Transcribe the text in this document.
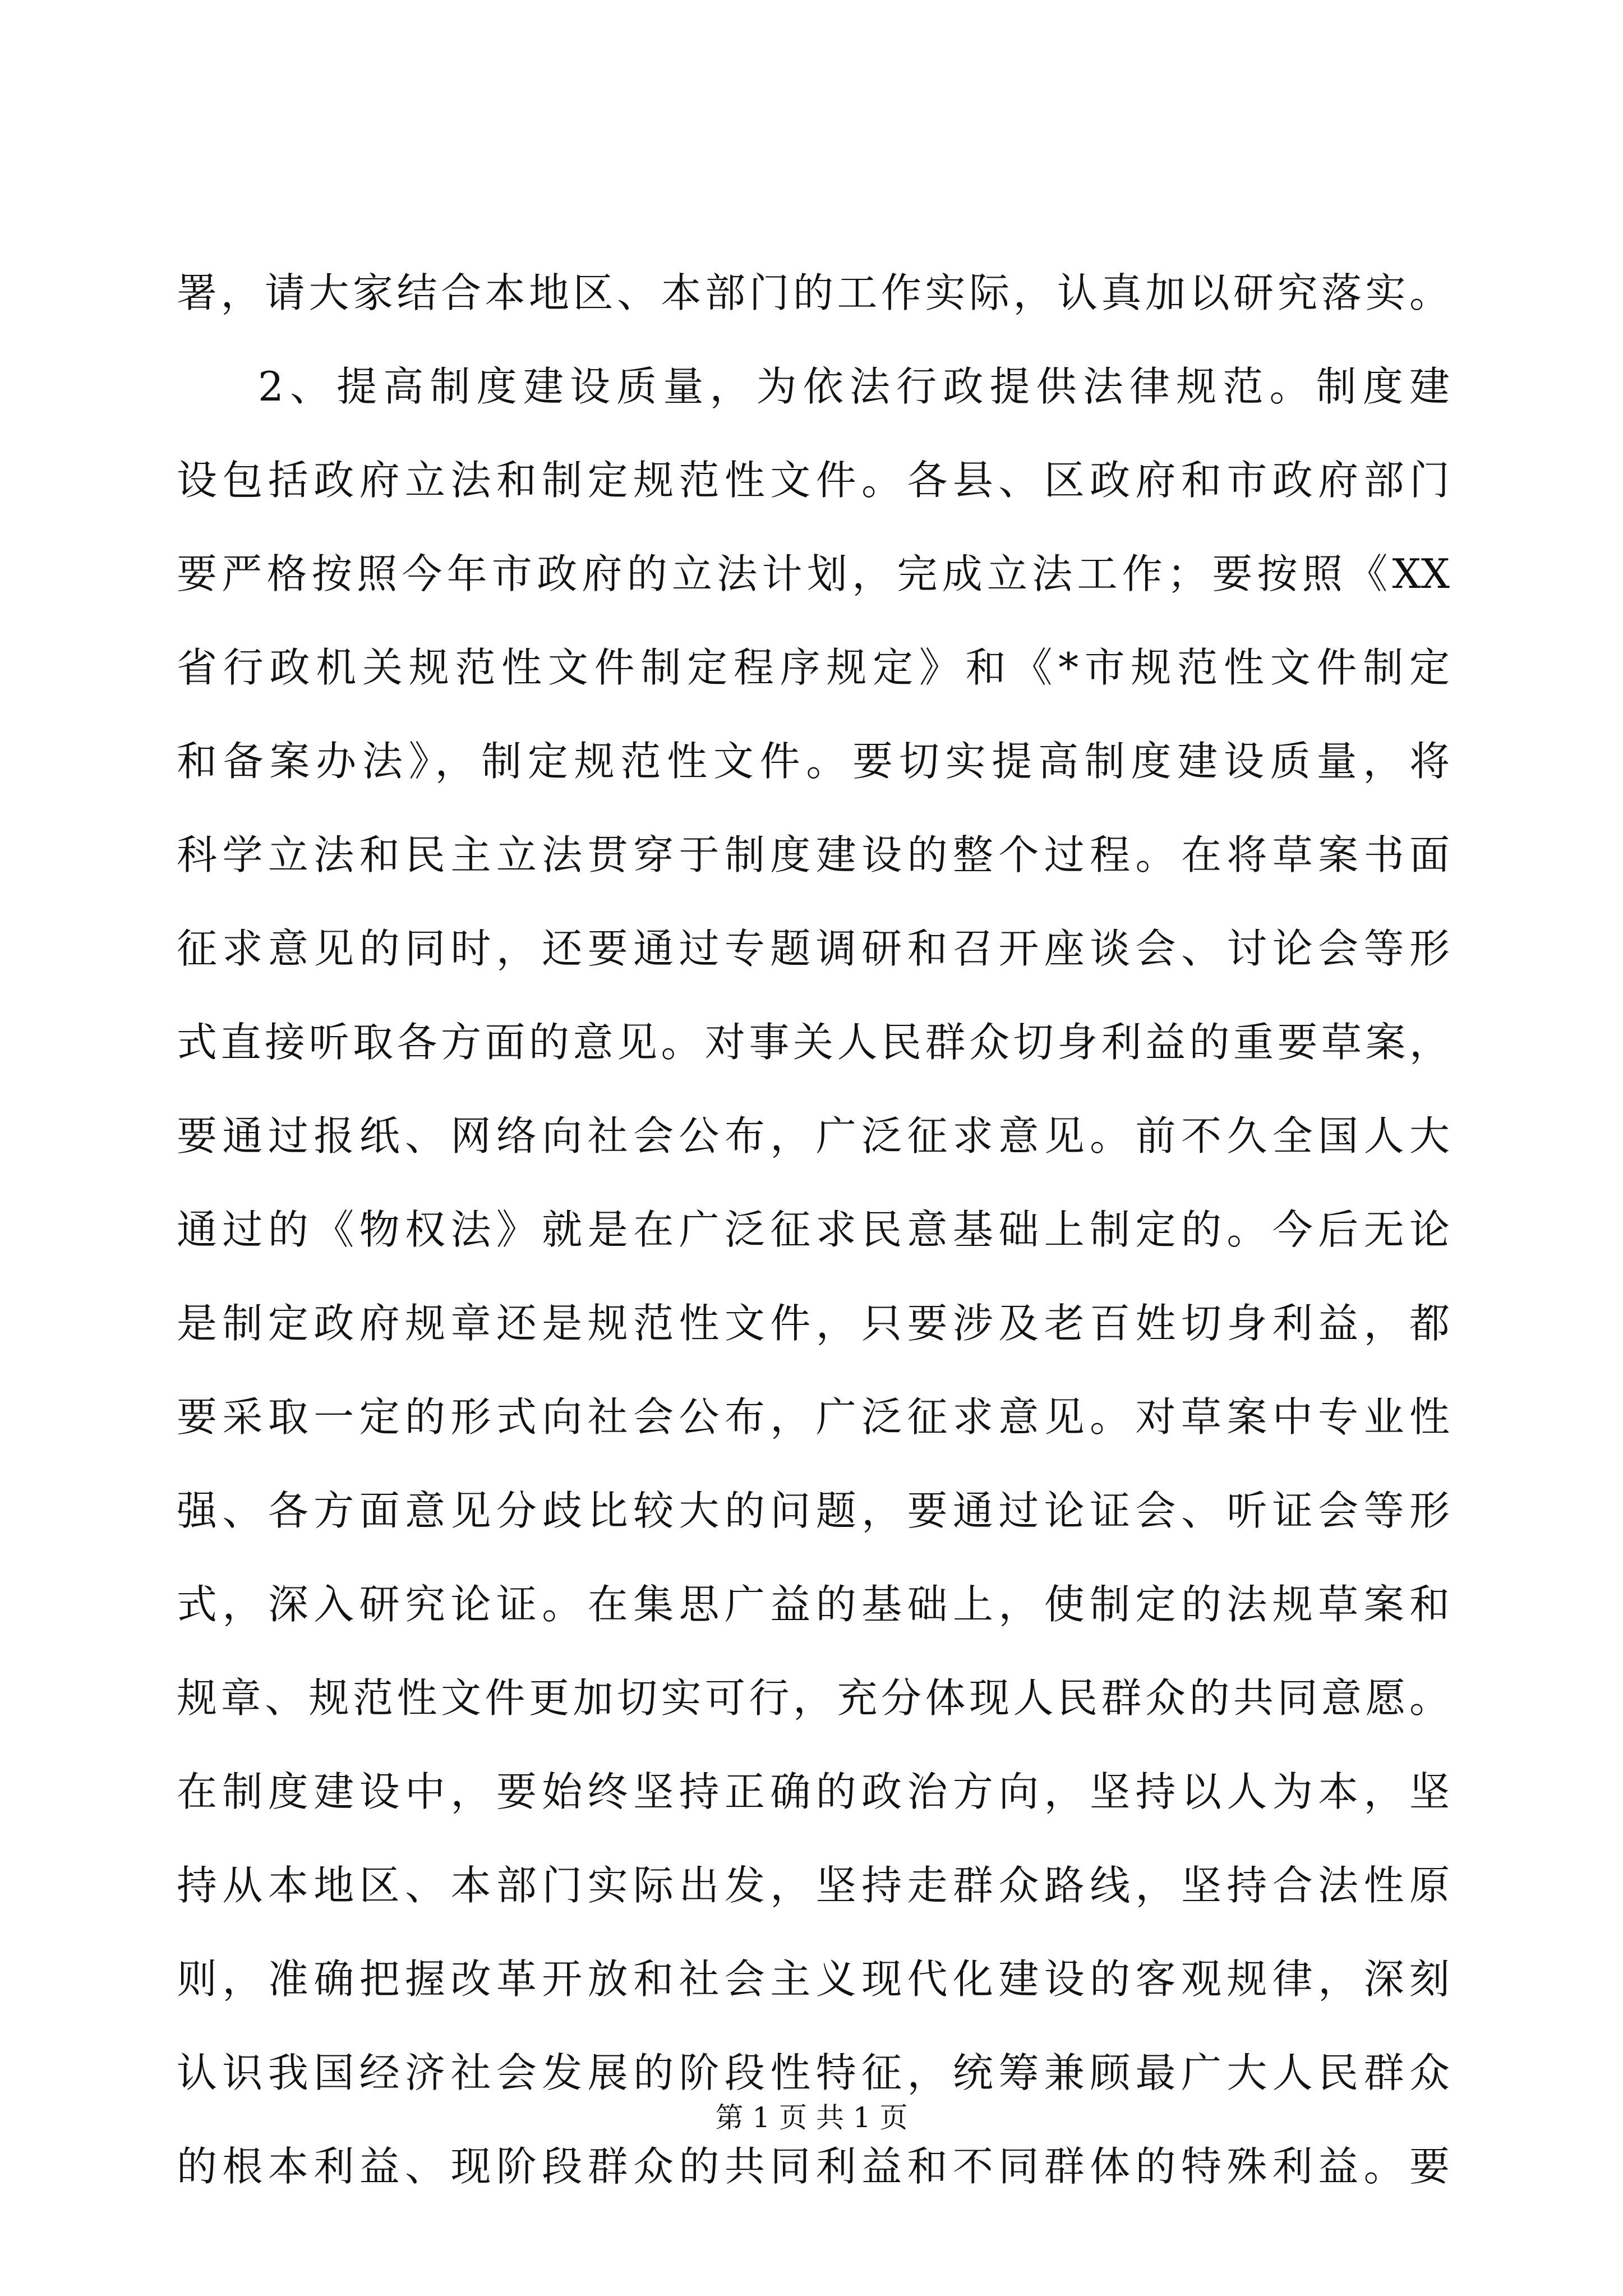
署，请大家结合本地区、本部门的工作实际，认真加以研究落实。
2、提高制度建设质量，为依法行政提供法律规范。制度建
设包括政府立法和制定规范性文件。各县、区政府和市政府部门
要严格按照今年市政府的立法计划，完成立法工作；要按照《XX
省行政机关规范性文件制定程序规定》和《*市规范性文件制定
和备案办法》，制定规范性文件。要切实提高制度建设质量，将
科学立法和民主立法贯穿于制度建设的整个过程。在将草案书面
征求意见的同时，还要通过专题调研和召开座谈会、讨论会等形
式直接听取各方面的意见。对事关人民群众切身利益的重要草案，
要通过报纸、网络向社会公布，广泛征求意见。前不久全国人大
通过的《物权法》就是在广泛征求民意基础上制定的。今后无论
是制定政府规章还是规范性文件，只要涉及老百姓切身利益，都
要采取一定的形式向社会公布，广泛征求意见。对草案中专业性
强、各方面意见分歧比较大的问题，要通过论证会、听证会等形
式，深入研究论证。在集思广益的基础上，使制定的法规草案和
规章、规范性文件更加切实可行，充分体现人民群众的共同意愿。
在制度建设中，要始终坚持正确的政治方向，坚持以人为本，坚
持从本地区、本部门实际出发，坚持走群众路线，坚持合法性原
则，准确把握改革开放和社会主义现代化建设的客观规律，深刻
认识我国经济社会发展的阶段性特征，统筹兼顾最广大人民群众
的根本利益、现阶段群众的共同利益和不同群体的特殊利益。要
第 1 页 共 1 页
